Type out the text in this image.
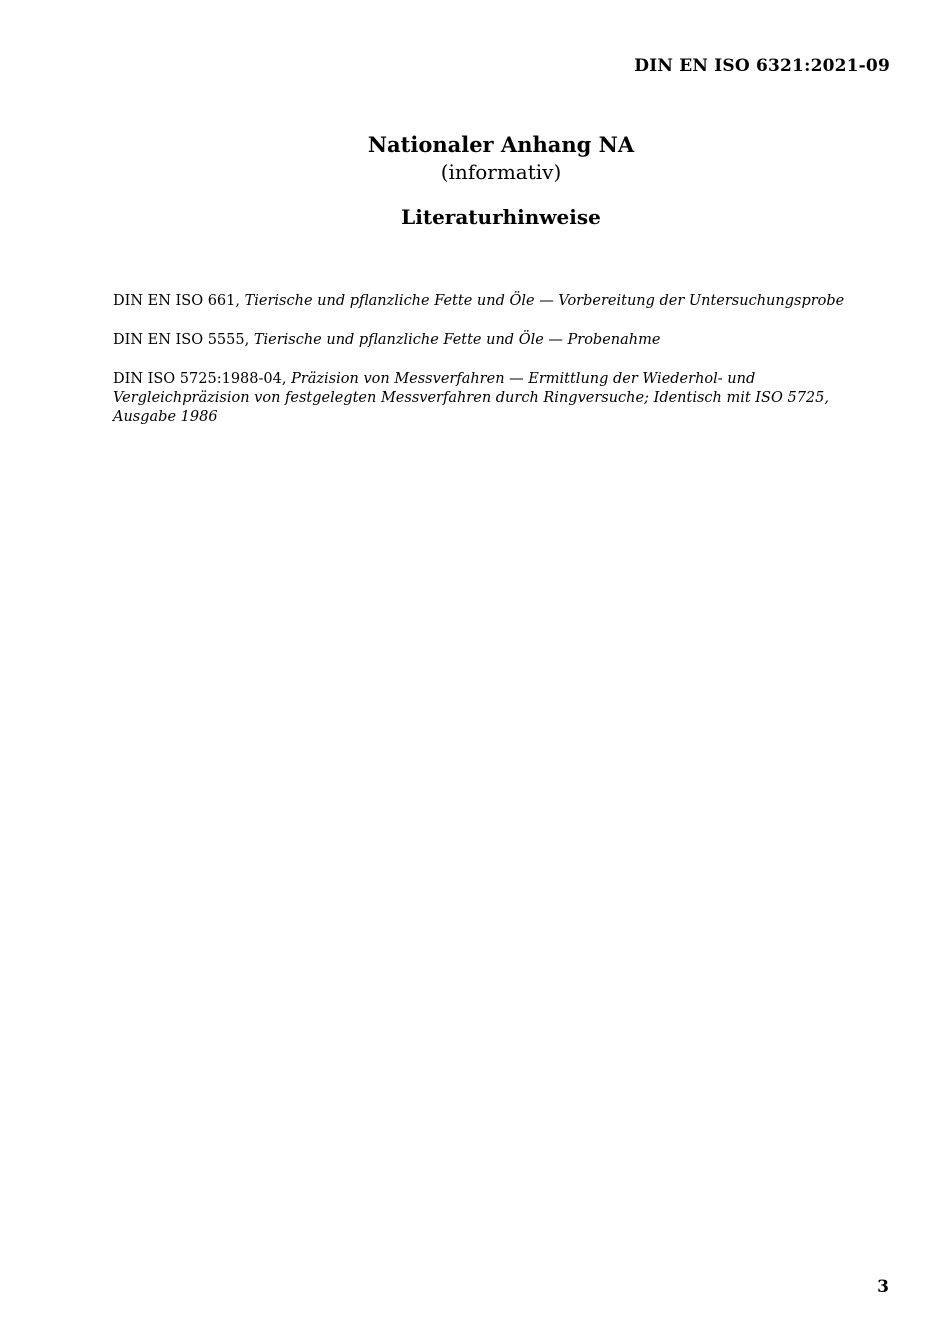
DIN EN ISO 6321:2021-09
Nationaler Anhang NA
(informativ)
Literaturhinweise

DIN EN ISO 661, Tierische und pflanzliche Fette und Öle — Vorbereitung der Untersuchungsprobe

DIN EN ISO 5555, Tierische und pflanzliche Fette und Öle — Probenahme

DIN ISO 5725:1988-04, Präzision von Messverfahren — Ermittlung der Wiederhol- und Vergleichpräzision von festgelegten Messverfahren durch Ringversuche; Identisch mit ISO 5725, Ausgabe 1986

3
